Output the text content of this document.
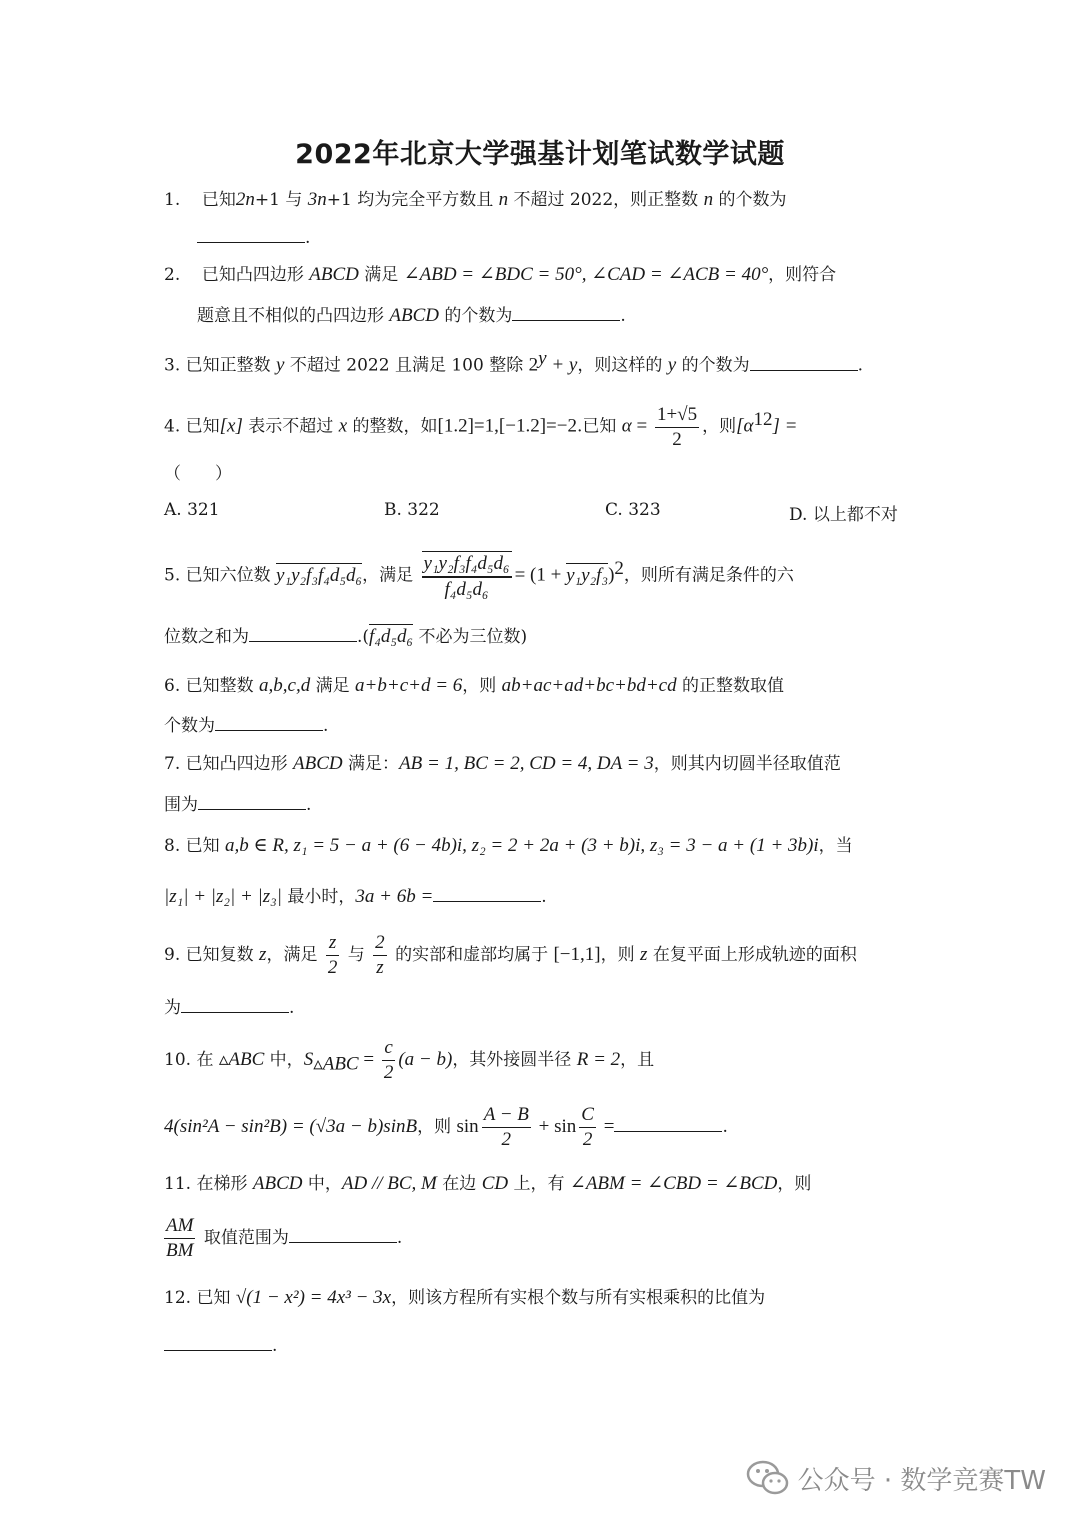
2022年北京大学强基计划笔试数学试题
1. 已知2n+1 与 3n+1 均为完全平方数且 n 不超过 2022，则正整数 n 的个数为
.
2. 已知凸四边形 ABCD 满足 ∠ABD = ∠BDC = 50°, ∠CAD = ∠ACB = 40°，则符合
题意且不相似的凸四边形 ABCD 的个数为	.
3. 已知正整数 y 不超过 2022 且满足 100 整除 $2^y + y$，则这样的 y 的个数为	.
4. 已知[x] 表示不超过 x 的整数，如[1.2]=1,[−1.2]=−2.已知 $\alpha = \frac{1+√5}{2}$ ，则$[\alpha^{12}]$ =
（　　）
A. 321	B. 322	C. 323	D. 以上都不对
5. 已知六位数 y₁y₂f₃f₄d₅d₆，满足 $\frac{\text{y₁y₂f₃f₄d₅d₆}}{\text{f₄d₅d₆}} = (1 + y_1y_2f_3)^2$，则所有满足条件的六
位数之和为	.(f₄d₅d₆ 不必为三位数)
6. 已知整数 a,b,c,d 满足 a+b+c+d = 6，则 ab+ac+ad+bc+bd+cd 的正整数取值
个数为	.
7. 已知凸四边形 ABCD 满足：AB = 1, BC = 2, CD = 4, DA = 3，则其内切圆半径取值范
围为	.
8. 已知 a,b ∈ R, z₁ = 5 − a + (6 − 4b)i, z₂ = 2 + 2a + (3 + b)i, z₃ = 3 − a + (1 + 3b)i，当
|z₁| + |z₂| + |z₃| 最小时，3a + 6b =	.
9. 已知复数 z，满足 $\frac{z}{2}$ 与 $\frac{2}{z}$ 的实部和虚部均属于 [−1,1]，则 z 在复平面上形成轨迹的面积
为	.
10. 在 ▵ABC 中，$S_{▵ABC} = \frac{c}{2} (a - b)$，其外接圆半径 R = 2，且
4(sin²A − sin²B) = (√3a − b)sinB，则 $\sin \frac{A - B}{2} + \sin \frac{C}{2}$ =	.
11. 在梯形 ABCD 中，AD // BC, M 在边 CD 上，有 ∠ABM = ∠CBD = ∠BCD，则
$\frac{AM}{BM}$ 取值范围为	.
12. 已知 √(1 − x²) = 4x³ − 3x，则该方程所有实根个数与所有实根乘积的比值为
.
公众号 · 数学竞赛TW
